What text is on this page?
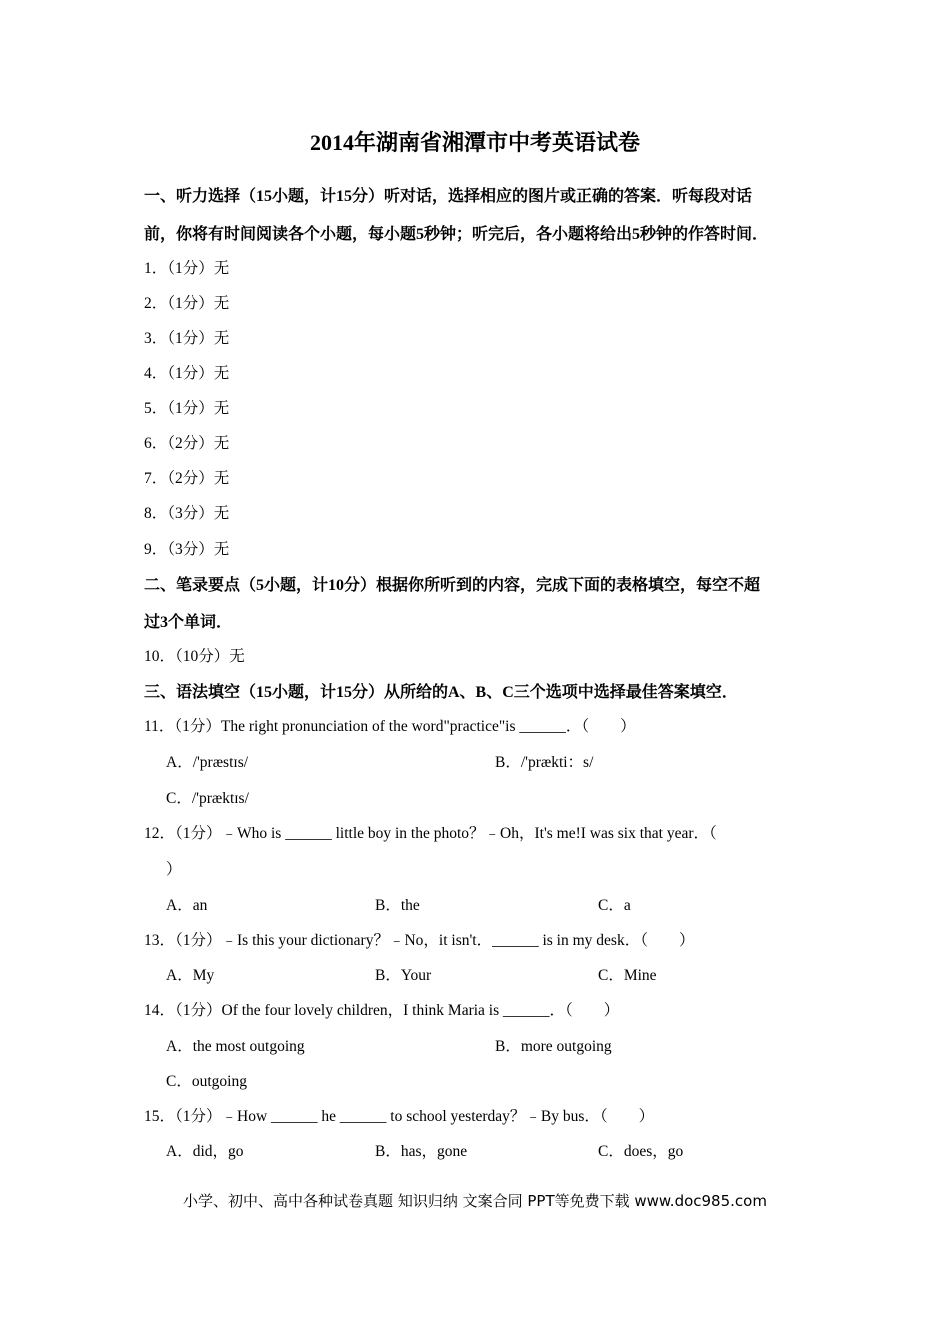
2014年湖南省湘潭市中考英语试卷
一、听力选择（15小题，计15分）听对话，选择相应的图片或正确的答案．听每段对话
前，你将有时间阅读各个小题，每小题5秒钟；听完后，各小题将给出5秒钟的作答时间．
1．（1分）无
2．（1分）无
3．（1分）无
4．（1分）无
5．（1分）无
6．（2分）无
7．（2分）无
8．（3分）无
9．（3分）无
二、笔录要点（5小题，计10分）根据你所听到的内容，完成下面的表格填空，每空不超
过3个单词．
10．（10分）无
三、语法填空（15小题，计15分）从所给的A、B、C三个选项中选择最佳答案填空．
11．（1分）The right pronunciation of the word"practice"is ______．（　　）
A．/'præstɪs/	B．/'prækti：s/
C．/'præktɪs/
12．（1分）﹣Who is ______ little boy in the photo？﹣Oh，It's me!I was six that year．（
）
A．an	B．the	C．a
13．（1分）﹣Is this your dictionary？﹣No，it isn't．______ is in my desk．（　　）
A．My	B．Your	C．Mine
14．（1分）Of the four lovely children，I think Maria is ______．（　　）
A．the most outgoing	B．more outgoing
C．outgoing
15．（1分）﹣How ______ he ______ to school yesterday？﹣By bus．（　　）
A．did，go	B．has，gone	C．does，go
小学、初中、高中各种试卷真题 知识归纳 文案合同 PPT等免费下载 www.doc985.com
